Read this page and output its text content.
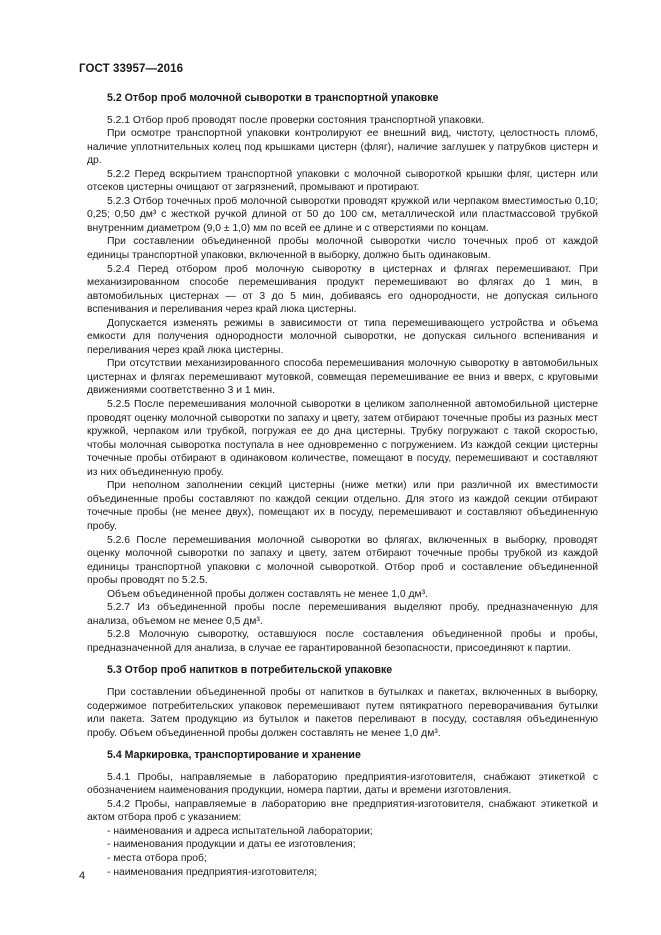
ГОСТ 33957—2016
5.2 Отбор проб молочной сыворотки в транспортной упаковке

5.2.1 Отбор проб проводят после проверки состояния транспортной упаковки.

При осмотре транспортной упаковки контролируют ее внешний вид, чистоту, целостность пломб, наличие уплотнительных колец под крышками цистерн (фляг), наличие заглушек у патрубков цистерн и др.

5.2.2 Перед вскрытием транспортной упаковки с молочной сывороткой крышки фляг, цистерн или отсеков цистерны очищают от загрязнений, промывают и протирают.

5.2.3 Отбор точечных проб молочной сыворотки проводят кружкой или черпаком вместимостью 0,10; 0,25; 0,50 дм³ с жесткой ручкой длиной от 50 до 100 см, металлической или пластмассовой трубкой внутренним диаметром (9,0 ± 1,0) мм по всей ее длине и с отверстиями по концам.

При составлении объединенной пробы молочной сыворотки число точечных проб от каждой единицы транспортной упаковки, включенной в выборку, должно быть одинаковым.

5.2.4 Перед отбором проб молочную сыворотку в цистернах и флягах перемешивают. При механизированном способе перемешивания продукт перемешивают во флягах до 1 мин, в автомобильных цистернах — от 3 до 5 мин, добиваясь его однородности, не допуская сильного вспенивания и переливания через край люка цистерны.

Допускается изменять режимы в зависимости от типа перемешивающего устройства и объема емкости для получения однородности молочной сыворотки, не допуская сильного вспенивания и переливания через край люка цистерны.

При отсутствии механизированного способа перемешивания молочную сыворотку в автомобильных цистернах и флягах перемешивают мутовкой, совмещая перемешивание ее вниз и вверх, с круговыми движениями соответственно 3 и 1 мин.

5.2.5 После перемешивания молочной сыворотки в целиком заполненной автомобильной цистерне проводят оценку молочной сыворотки по запаху и цвету, затем отбирают точечные пробы из разных мест кружкой, черпаком или трубкой, погружая ее до дна цистерны. Трубку погружают с такой скоростью, чтобы молочная сыворотка поступала в нее одновременно с погружением. Из каждой секции цистерны точечные пробы отбирают в одинаковом количестве, помещают в посуду, перемешивают и составляют из них объединенную пробу.

При неполном заполнении секций цистерны (ниже метки) или при различной их вместимости объединенные пробы составляют по каждой секции отдельно. Для этого из каждой секции отбирают точечные пробы (не менее двух), помещают их в посуду, перемешивают и составляют объединенную пробу.

5.2.6 После перемешивания молочной сыворотки во флягах, включенных в выборку, проводят оценку молочной сыворотки по запаху и цвету, затем отбирают точечные пробы трубкой из каждой единицы транспортной упаковки с молочной сывороткой. Отбор проб и составление объединенной пробы проводят по 5.2.5.

Объем объединенной пробы должен составлять не менее 1,0 дм³.

5.2.7 Из объединенной пробы после перемешивания выделяют пробу, предназначенную для анализа, объемом не менее 0,5 дм³.

5.2.8 Молочную сыворотку, оставшуюся после составления объединенной пробы и пробы, предназначенной для анализа, в случае ее гарантированной безопасности, присоединяют к партии.

5.3 Отбор проб напитков в потребительской упаковке

При составлении объединенной пробы от напитков в бутылках и пакетах, включенных в выборку, содержимое потребительских упаковок перемешивают путем пятикратного переворачивания бутылки или пакета. Затем продукцию из бутылок и пакетов переливают в посуду, составляя объединенную пробу. Объем объединенной пробы должен составлять не менее 1,0 дм³.

5.4 Маркировка, транспортирование и хранение

5.4.1 Пробы, направляемые в лабораторию предприятия-изготовителя, снабжают этикеткой с обозначением наименования продукции, номера партии, даты и времени изготовления.

5.4.2 Пробы, направляемые в лабораторию вне предприятия-изготовителя, снабжают этикеткой и актом отбора проб с указанием:

- наименования и адреса испытательной лаборатории;
- наименования продукции и даты ее изготовления;
- места отбора проб;
- наименования предприятия-изготовителя;
4
